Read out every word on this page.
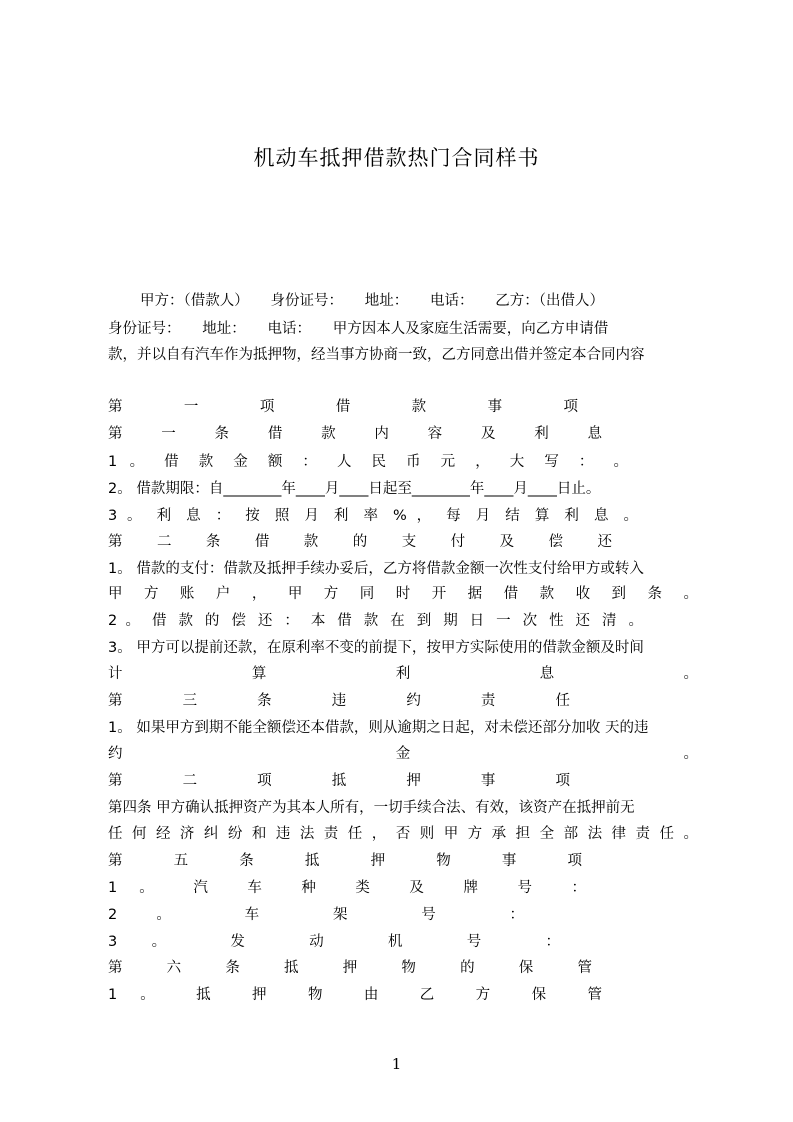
机动车抵押借款热门合同样书
甲方：（借款人）　　身份证号：　　地址：　　电话：　　乙方：（出借人）
身份证号：　　地址：　　电话：　　甲方因本人及家庭生活需要，向乙方申请借
款，并以自有汽车作为抵押物，经当事方协商一致，乙方同意出借并签定本合同内容
第 一 项 借 款 事 项
第 一 条 借 款 内 容 及 利 息
1 。 借 款 金 额 ： 人 民 币 元 ， 大 写 ： 。
2。 借款期限：自________年____月____日起至________年____月____日止。
3 。 利 息 ： 按 照 月 利 率 % ， 每 月 结 算 利 息 。
第 二 条 借 款 的 支 付 及 偿 还
1。 借款的支付：借款及抵押手续办妥后，乙方将借款金额一次性支付给甲方或转入
甲 方 账 户 ， 甲 方 同 时 开 据 借 款 收 到 条 。
2 。 借 款 的 偿 还 ： 本 借 款 在 到 期 日 一 次 性 还 清 。
3。 甲方可以提前还款，在原利率不变的前提下，按甲方实际使用的借款金额及时间
计 算 利 息 。
第 三 条 违 约 责 任
1。 如果甲方到期不能全额偿还本借款，则从逾期之日起，对未偿还部分加收 天的违
约 金 。
第 二 项 抵 押 事 项
第四条 甲方确认抵押资产为其本人所有，一切手续合法、有效，该资产在抵押前无
任 何 经 济 纠 纷 和 违 法 责 任 ， 否 则 甲 方 承 担 全 部 法 律 责 任 。
第 五 条 抵 押 物 事 项
1 。 汽 车 种 类 及 牌 号 ：
2 。 车 架 号 ：
3 。 发 动 机 号 ：
第 六 条 抵 押 物 的 保 管
1 。 抵 押 物 由 乙 方 保 管
1
